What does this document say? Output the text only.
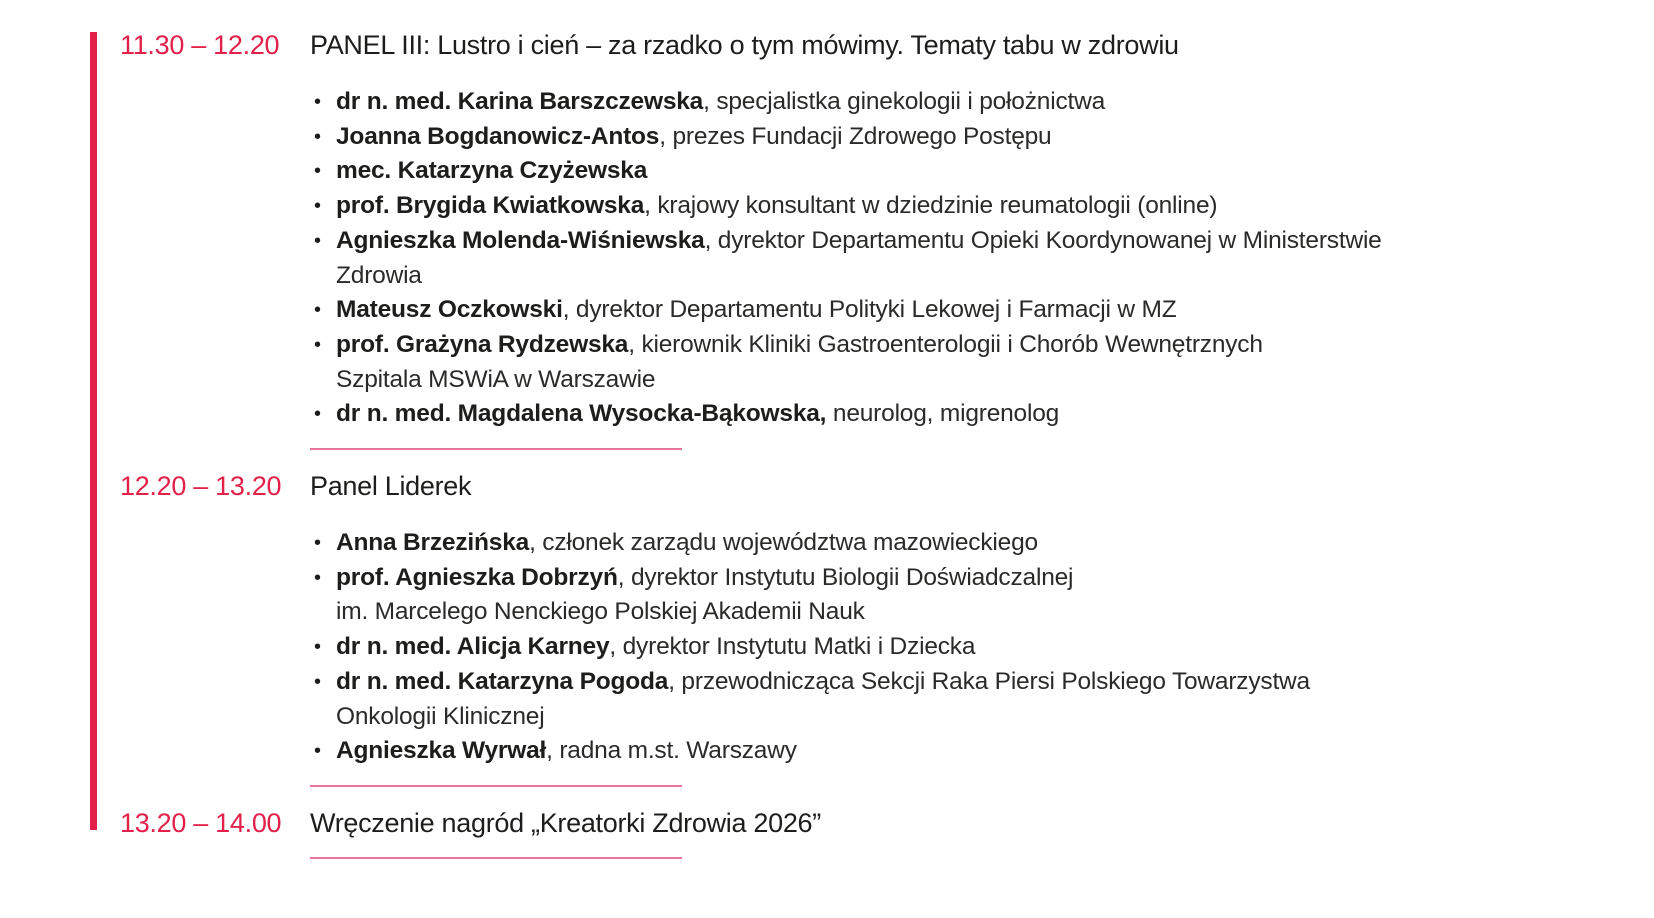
11.30 – 12.20 PANEL III: Lustro i cień – za rzadko o tym mówimy. Tematy tabu w zdrowiu
• dr n. med. Karina Barszczewska, specjalistka ginekologii i położnictwa
• Joanna Bogdanowicz-Antos, prezes Fundacji Zdrowego Postępu
• mec. Katarzyna Czyżewska
• prof. Brygida Kwiatkowska, krajowy konsultant w dziedzinie reumatologii (online)
• Agnieszka Molenda-Wiśniewska, dyrektor Departamentu Opieki Koordynowanej w Ministerstwie
Zdrowia
• Mateusz Oczkowski, dyrektor Departamentu Polityki Lekowej i Farmacji w MZ
• prof. Grażyna Rydzewska, kierownik Kliniki Gastroenterologii i Chorób Wewnętrznych
Szpitala MSWiA w Warszawie
• dr n. med. Magdalena Wysocka-Bąkowska, neurolog, migrenolog
12.20 – 13.20 Panel Liderek
• Anna Brzezińska, członek zarządu województwa mazowieckiego
• prof. Agnieszka Dobrzyń, dyrektor Instytutu Biologii Doświadczalnej
im. Marcelego Nenckiego Polskiej Akademii Nauk
• dr n. med. Alicja Karney, dyrektor Instytutu Matki i Dziecka
• dr n. med. Katarzyna Pogoda, przewodnicząca Sekcji Raka Piersi Polskiego Towarzystwa
Onkologii Klinicznej
• Agnieszka Wyrwał, radna m.st. Warszawy
13.20 – 14.00 Wręczenie nagród „Kreatorki Zdrowia 2026”
